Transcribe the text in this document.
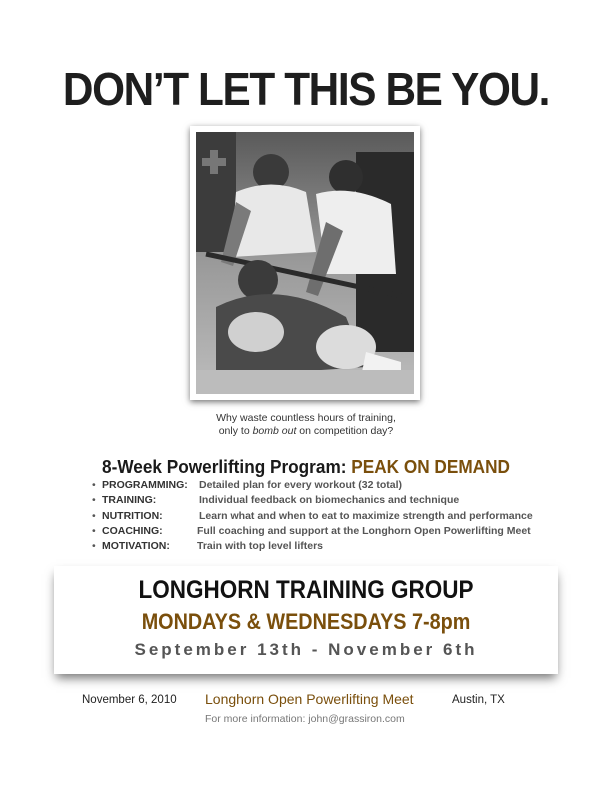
DON’T LET THIS BE YOU.
Why waste countless hours of training,
only to bomb out on competition day?
8-Week Powerlifting Program: PEAK ON DEMAND
• PROGRAMMING: Detailed plan for every workout (32 total)
• TRAINING:	Individual feedback on biomechanics and technique
• NUTRITION:	Learn what and when to eat to maximize strength and performance
• COACHING:	Full coaching and support at the Longhorn Open Powerlifting Meet
• MOTIVATION:	Train with top level lifters
LONGHORN TRAINING GROUP
MONDAYS & WEDNESDAYS 7-8pm
September 13th - November 6th
November 6, 2010 Longhorn Open Powerlifting Meet	Austin, TX
For more information: john@grassiron.com
